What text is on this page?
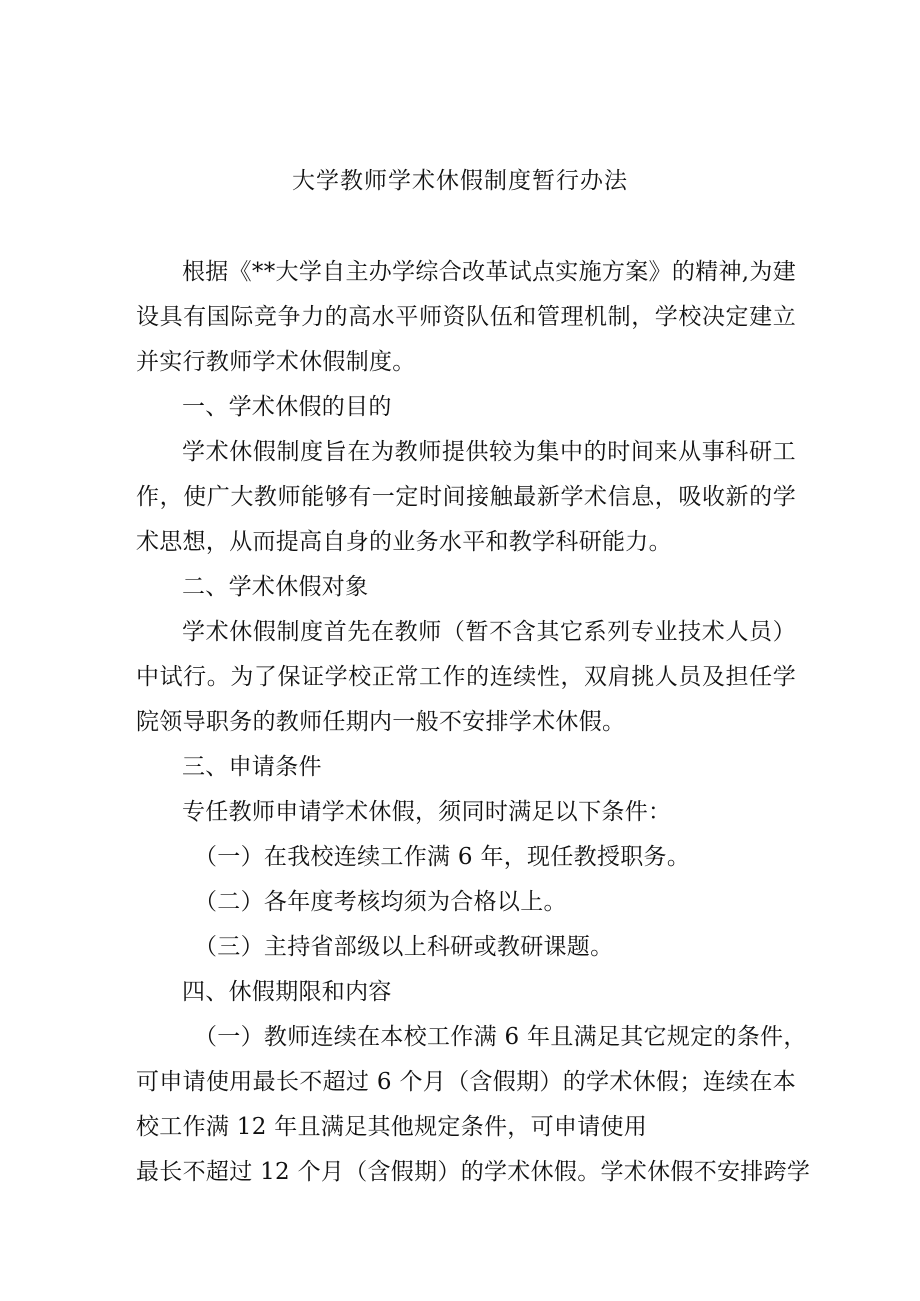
大学教师学术休假制度暂行办法
根据《**大学自主办学综合改革试点实施方案》的精神,为建
设具有国际竞争力的高水平师资队伍和管理机制，学校决定建立
并实行教师学术休假制度。
一、学术休假的目的
学术休假制度旨在为教师提供较为集中的时间来从事科研工
作，使广大教师能够有一定时间接触最新学术信息，吸收新的学
术思想，从而提高自身的业务水平和教学科研能力。
二、学术休假对象
学术休假制度首先在教师（暂不含其它系列专业技术人员）
中试行。为了保证学校正常工作的连续性，双肩挑人员及担任学
院领导职务的教师任期内一般不安排学术休假。
三、申请条件
专任教师申请学术休假，须同时满足以下条件：
（一）在我校连续工作满 6 年，现任教授职务。
（二）各年度考核均须为合格以上。
（三）主持省部级以上科研或教研课题。
四、休假期限和内容
（一）教师连续在本校工作满 6 年且满足其它规定的条件，
可申请使用最长不超过 6 个月（含假期）的学术休假；连续在本
校工作满 12 年且满足其他规定条件，可申请使用
最长不超过 12 个月（含假期）的学术休假。学术休假不安排跨学
